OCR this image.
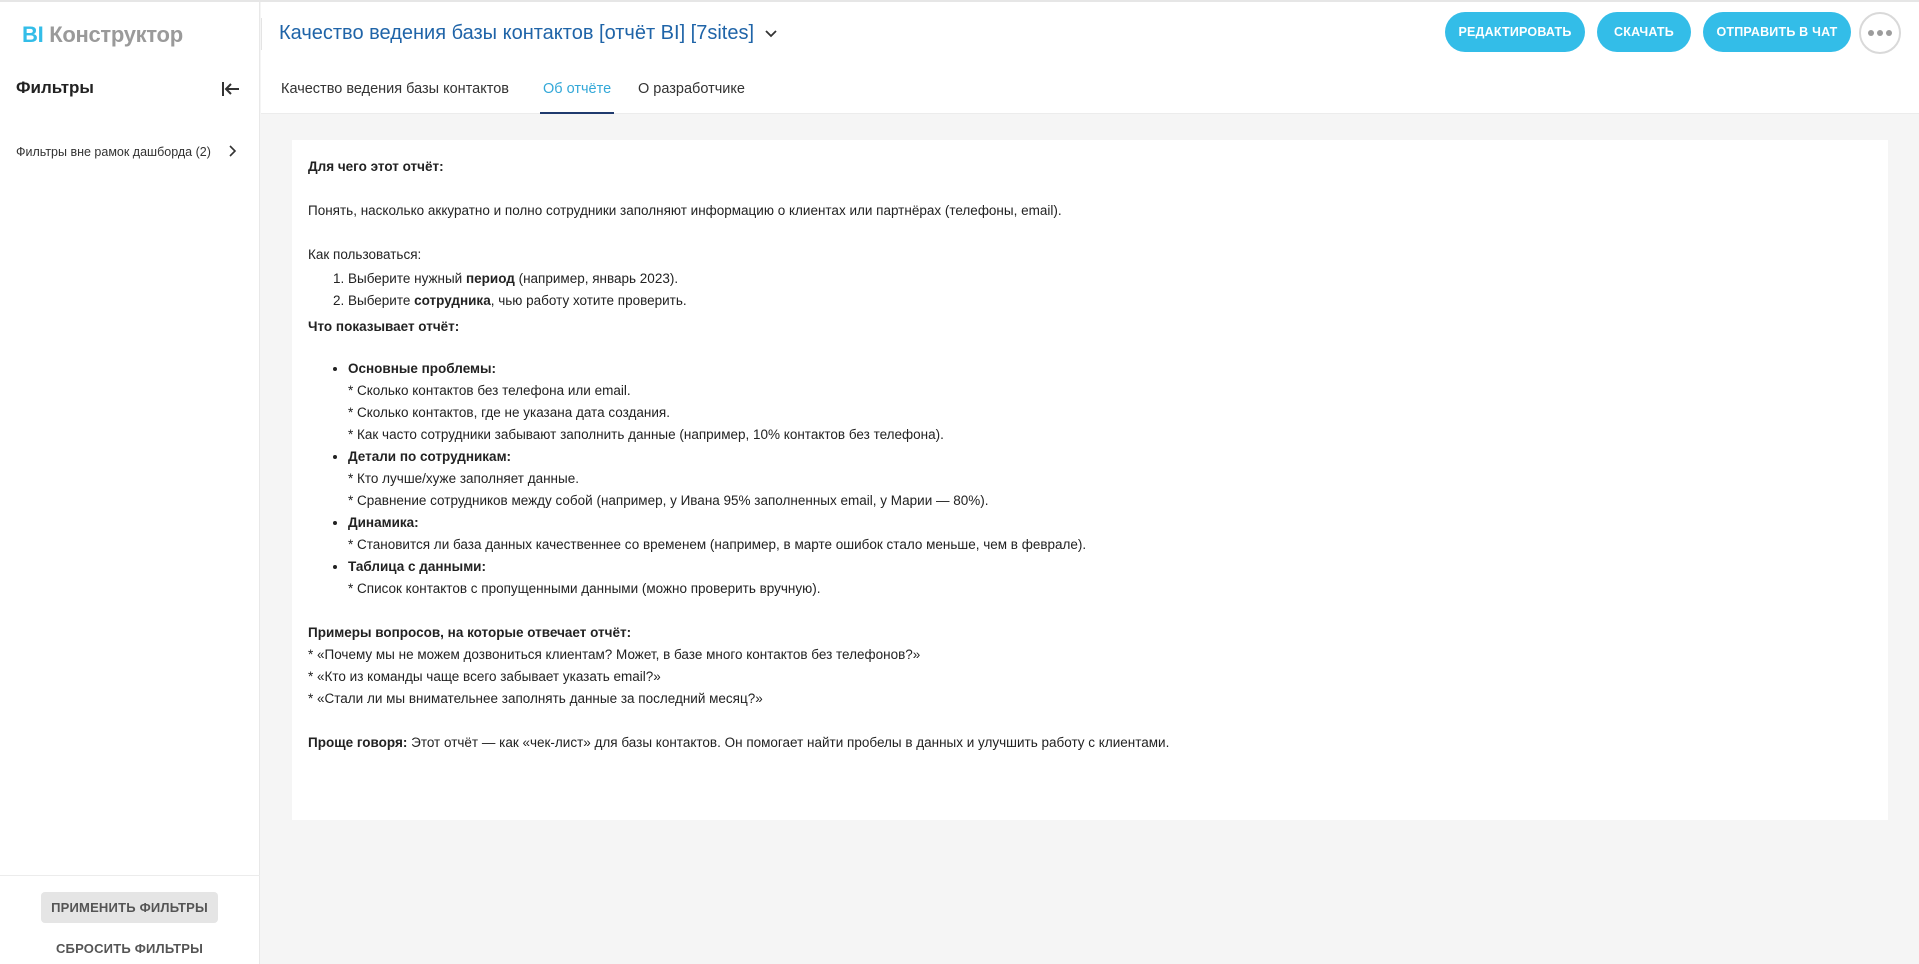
BI Конструктор
Фильтры
Фильтры вне рамок дашборда (2)
ПРИМЕНИТЬ ФИЛЬТРЫ
СБРОСИТЬ ФИЛЬТРЫ
Качество ведения базы контактов [отчёт BI] [7sites]	РЕДАКТИРОВАТЬ	СКАЧАТЬ	ОТПРАВИТЬ В ЧАТ
Качество ведения базы контактов Об отчёте О разработчике
Для чего этот отчёт:
Понять, насколько аккуратно и полно сотрудники заполняют информацию о клиентах или партнёрах (телефоны, email).
Как пользоваться:
1. Выберите нужный период (например, январь 2023).
2. Выберите сотрудника, чью работу хотите проверить.
Что показывает отчёт:
• Основные проблемы:
* Сколько контактов без телефона или email.
* Сколько контактов, где не указана дата создания.
* Как часто сотрудники забывают заполнить данные (например, 10% контактов без телефона).
• Детали по сотрудникам:
* Кто лучше/хуже заполняет данные.
* Сравнение сотрудников между собой (например, у Ивана 95% заполненных email, у Марии — 80%).
• Динамика:
* Становится ли база данных качественнее со временем (например, в марте ошибок стало меньше, чем в феврале).
• Таблица с данными:
* Список контактов с пропущенными данными (можно проверить вручную).
Примеры вопросов, на которые отвечает отчёт:
* «Почему мы не можем дозвониться клиентам? Может, в базе много контактов без телефонов?»
* «Кто из команды чаще всего забывает указать email?»
* «Стали ли мы внимательнее заполнять данные за последний месяц?»
Проще говоря: Этот отчёт — как «чек-лист» для базы контактов. Он помогает найти пробелы в данных и улучшить работу с клиентами.
